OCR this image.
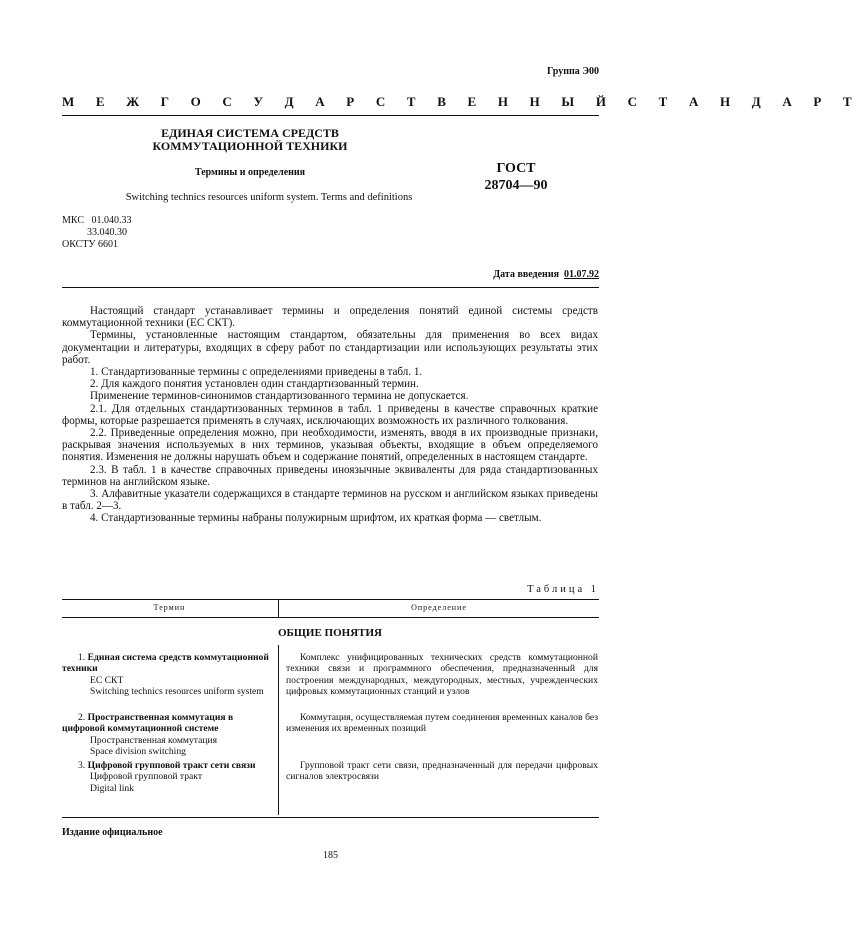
Группа Э00
М Е Ж Г О С У Д А Р С Т В Е Н Н Ы Й С Т А Н Д А Р Т
ЕДИНАЯ СИСТЕМА СРЕДСТВ
КОММУТАЦИОННОЙ ТЕХНИКИ
Термины и определения	ГОСТ
28704—90
Switching technics resources uniform system. Terms and definitions
МКС   01.040.33
33.040.30
ОКСТУ 6601
Дата введения 01.07.92

Настоящий стандарт устанавливает термины и определения понятий единой системы средств коммутационной техники (ЕС СКТ).

Термины, установленные настоящим стандартом, обязательны для применения во всех видах документации и литературы, входящих в сферу работ по стандартизации или использующих результаты этих работ.

1. Стандартизованные термины с определениями приведены в табл. 1.

2. Для каждого понятия установлен один стандартизованный термин.

Применение терминов-синонимов стандартизованного термина не допускается.

2.1. Для отдельных стандартизованных терминов в табл. 1 приведены в качестве справочных краткие формы, которые разрешается применять в случаях, исключающих возможность их различного толкования.

2.2. Приведенные определения можно, при необходимости, изменять, вводя в их производные признаки, раскрывая значения используемых в них терминов, указывая объекты, входящие в объем определяемого понятия. Изменения не должны нарушать объем и содержание понятий, определенных в настоящем стандарте.

2.3. В табл. 1 в качестве справочных приведены иноязычные эквиваленты для ряда стандартизованных терминов на английском языке.

3. Алфавитные указатели содержащихся в стандарте терминов на русском и английском языках приведены в табл. 2—3.

4. Стандартизованные термины набраны полужирным шрифтом, их краткая форма — светлым.

Таблица 1
Термин	Определение
ОБЩИЕ ПОНЯТИЯ

1. Единая система средств коммутационной техники

ЕС СКТ

Switching technics resources uniform system

Комплекс унифицированных технических средств коммутационной техники связи и программного обеспечения, предназначенный для построения международных, междугородных, местных, учрежденческих цифровых коммутационных станций и узлов

2. Пространственная коммутация в цифровой коммутационной системе

Пространственная коммутация

Space division switching

Коммутация, осуществляемая путем соединения временных каналов без изменения их временных позиций

3. Цифровой групповой тракт сети связи

Цифровой групповой тракт

Digital link

Групповой тракт сети связи, предназначенный для передачи цифровых сигналов электросвязи

Издание официальное
185
